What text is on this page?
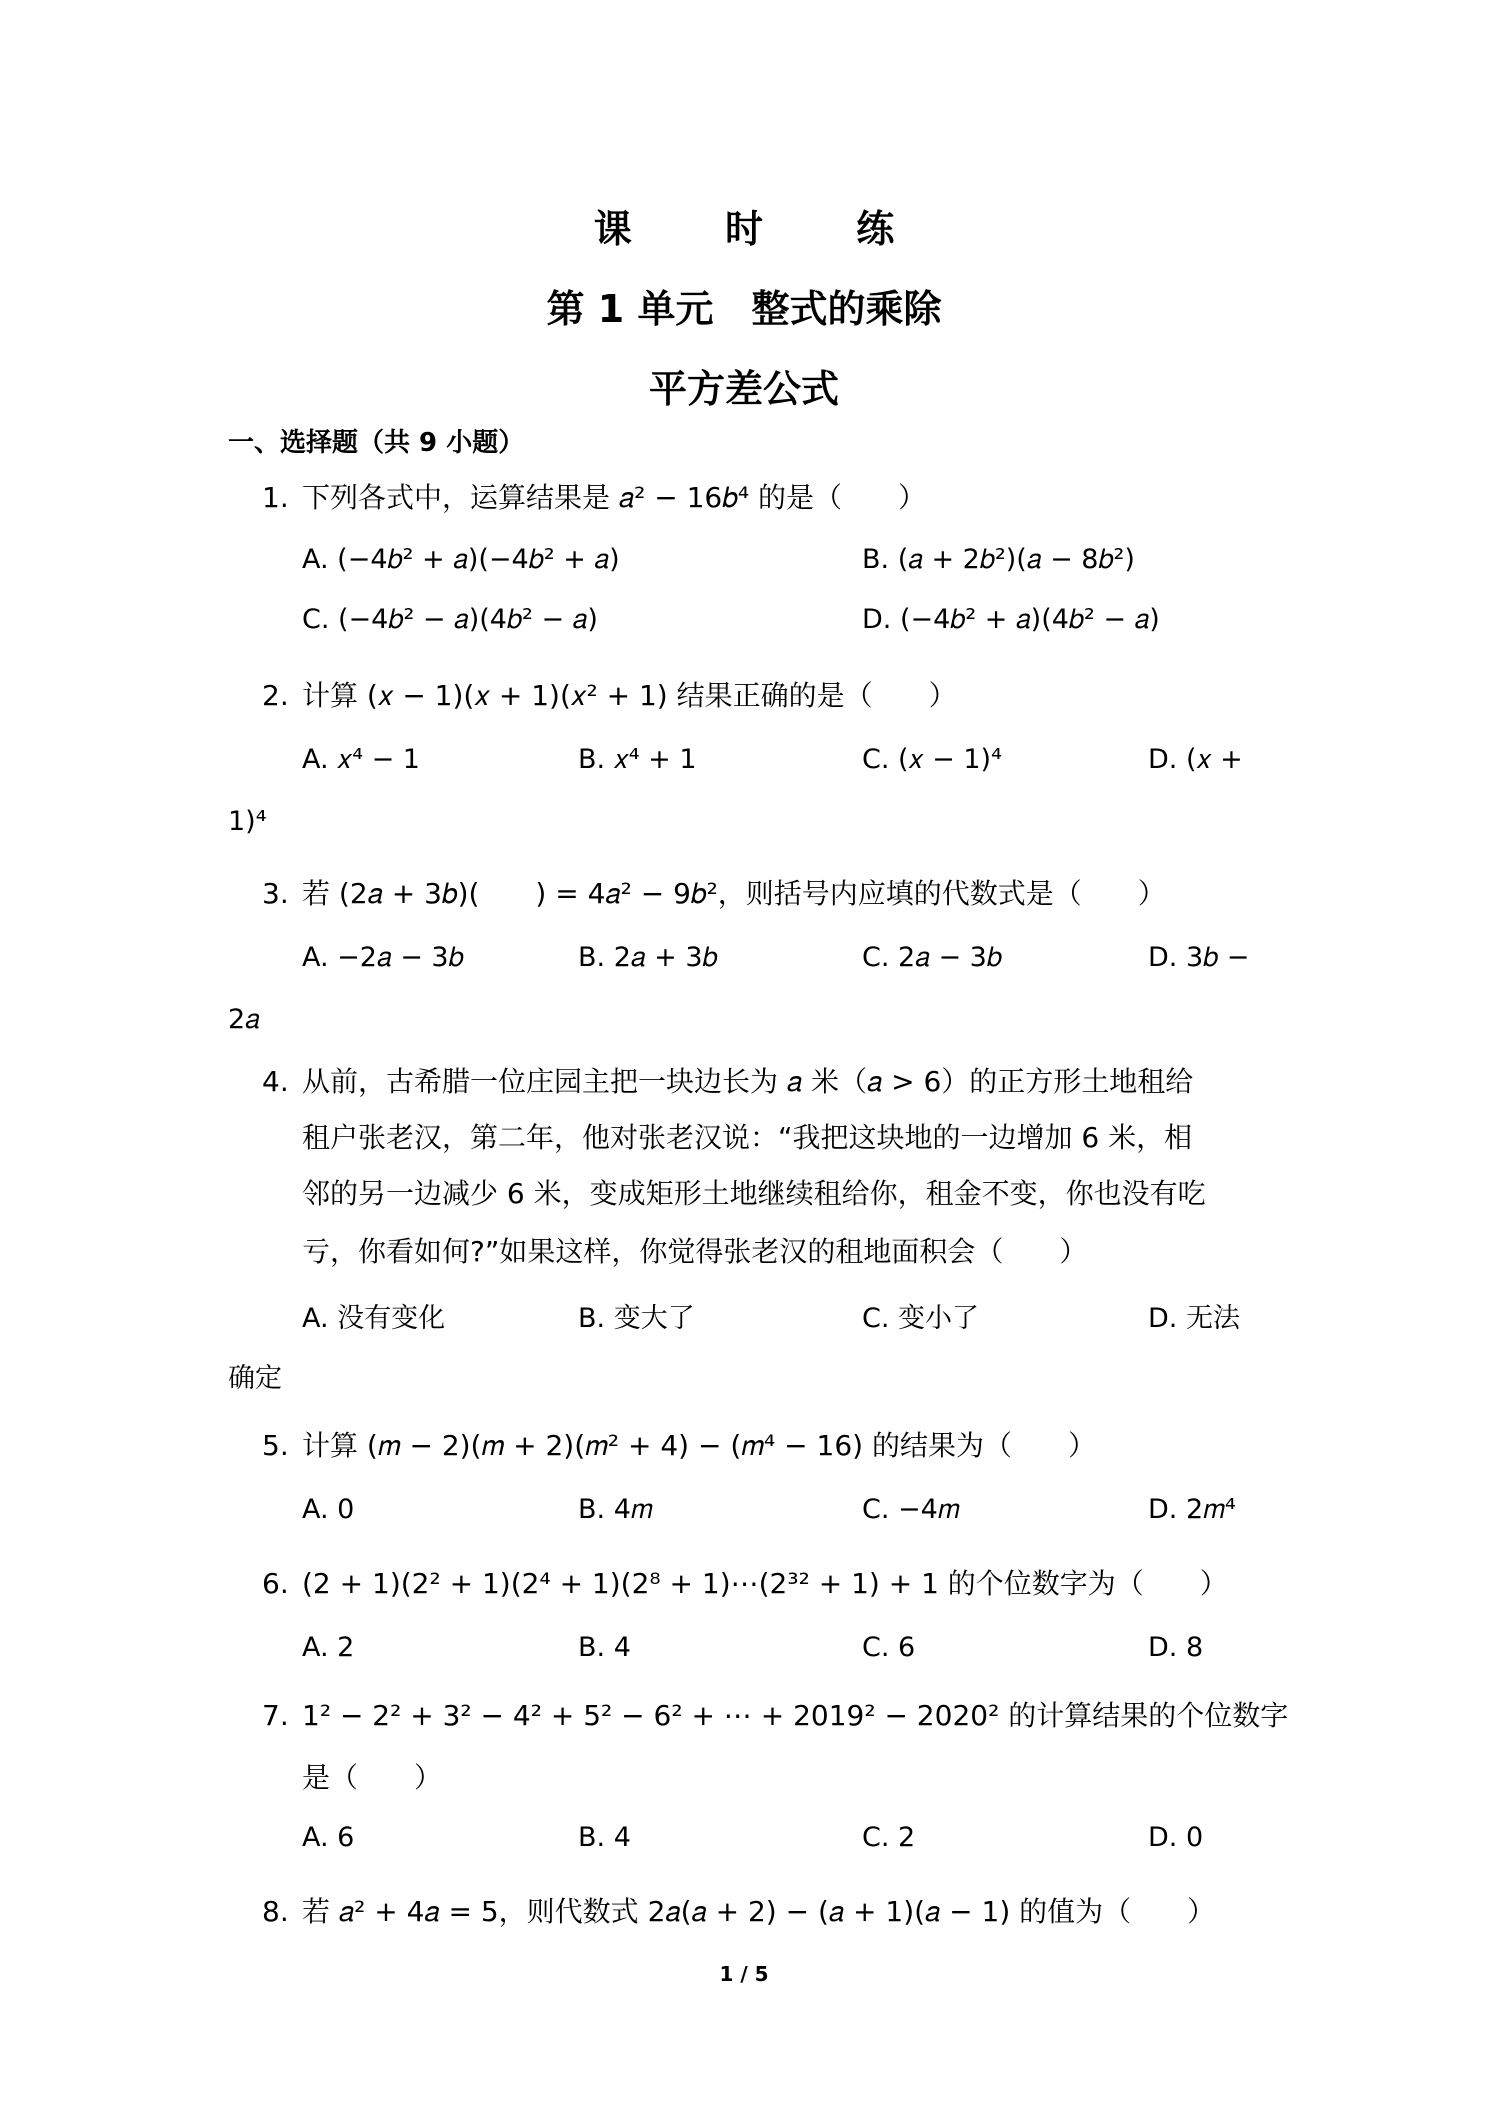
课 时 练
第 1 单元　整式的乘除
平方差公式
一、选择题（共 9 小题）
1. 下列各式中，运算结果是 𝑎² − 16𝑏⁴ 的是（　　）
A. (−4𝑏² + 𝑎)(−4𝑏² + 𝑎)	B. (𝑎 + 2𝑏²)(𝑎 − 8𝑏²)
C. (−4𝑏² − 𝑎)(4𝑏² − 𝑎)	D. (−4𝑏² + 𝑎)(4𝑏² − 𝑎)
2. 计算 (𝑥 − 1)(𝑥 + 1)(𝑥² + 1) 结果正确的是（　　）
A. 𝑥⁴ − 1	B. 𝑥⁴ + 1	C. (𝑥 − 1)⁴	D. (𝑥 +
1)⁴
3. 若 (2𝑎 + 3𝑏)(　　) = 4𝑎² − 9𝑏²，则括号内应填的代数式是（　　）
A. −2𝑎 − 3𝑏	B. 2𝑎 + 3𝑏	C. 2𝑎 − 3𝑏	D. 3𝑏 −
2𝑎
4. 从前，古希腊一位庄园主把一块边长为 𝑎 米（𝑎 > 6）的正方形土地租给
租户张老汉，第二年，他对张老汉说：“我把这块地的一边增加 6 米，相
邻的另一边减少 6 米，变成矩形土地继续租给你，租金不变，你也没有吃
亏，你看如何?”如果这样，你觉得张老汉的租地面积会（　　）
A. 没有变化	B. 变大了	C. 变小了	D. 无法
确定
5. 计算 (𝑚 − 2)(𝑚 + 2)(𝑚² + 4) − (𝑚⁴ − 16) 的结果为（　　）
A. 0	B. 4𝑚	C. −4𝑚	D. 2𝑚⁴
6. (2 + 1)(2² + 1)(2⁴ + 1)(2⁸ + 1)⋯(2³² + 1) + 1 的个位数字为（　　）
A. 2	B. 4	C. 6	D. 8
7. 1² − 2² + 3² − 4² + 5² − 6² + ⋯ + 2019² − 2020² 的计算结果的个位数字
是（　　）
A. 6	B. 4	C. 2	D. 0
8. 若 𝑎² + 4𝑎 = 5，则代数式 2𝑎(𝑎 + 2) − (𝑎 + 1)(𝑎 − 1) 的值为（　　）
1 / 5
